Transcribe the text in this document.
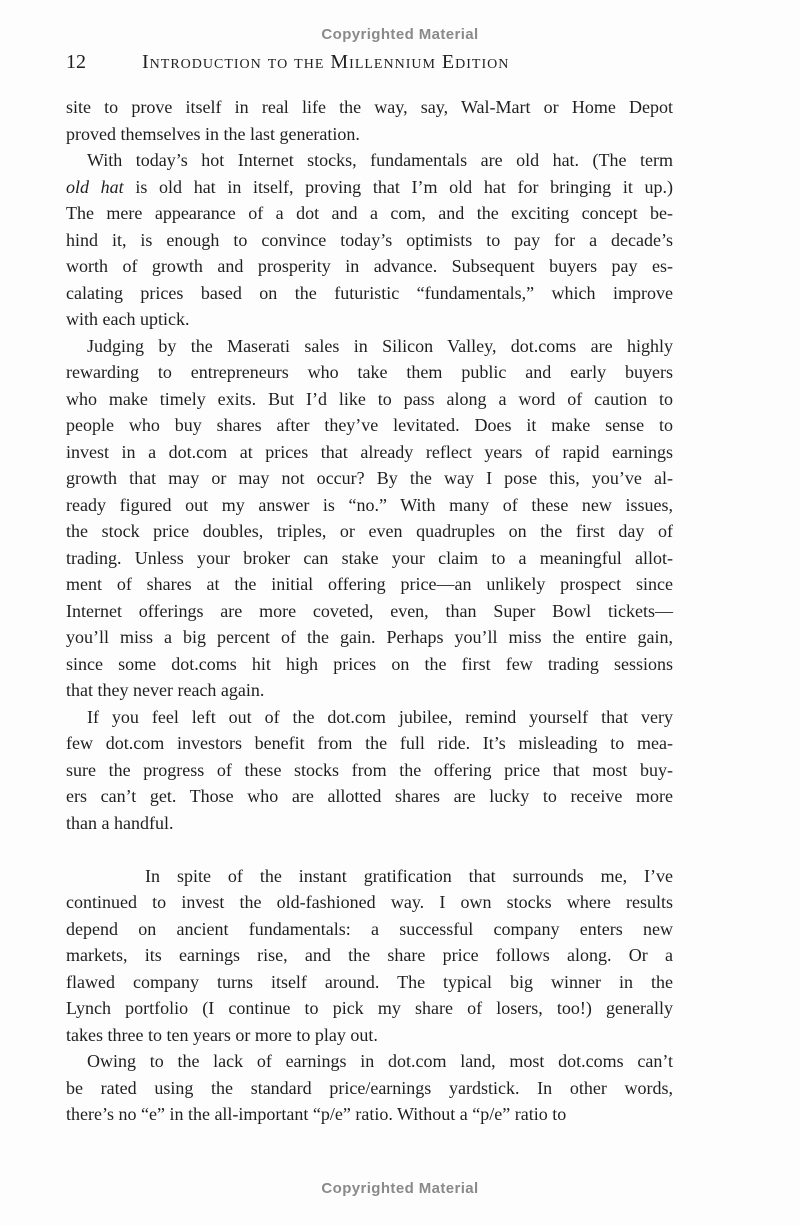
Copyrighted Material
12	Introduction to the Millennium Edition

site to prove itself in real life the way, say, Wal-Mart or Home Depot
proved themselves in the last generation.

With today’s hot Internet stocks, fundamentals are old hat. (The term
old hat is old hat in itself, proving that I’m old hat for bringing it up.)
The mere appearance of a dot and a com, and the exciting concept be-
hind it, is enough to convince today’s optimists to pay for a decade’s
worth of growth and prosperity in advance. Subsequent buyers pay es-
calating prices based on the futuristic “fundamentals,” which improve
with each uptick.

Judging by the Maserati sales in Silicon Valley, dot.coms are highly
rewarding to entrepreneurs who take them public and early buyers
who make timely exits. But I’d like to pass along a word of caution to
people who buy shares after they’ve levitated. Does it make sense to
invest in a dot.com at prices that already reflect years of rapid earnings
growth that may or may not occur? By the way I pose this, you’ve al-
ready figured out my answer is “no.” With many of these new issues,
the stock price doubles, triples, or even quadruples on the first day of
trading. Unless your broker can stake your claim to a meaningful allot-
ment of shares at the initial offering price—an unlikely prospect since
Internet offerings are more coveted, even, than Super Bowl tickets—
you’ll miss a big percent of the gain. Perhaps you’ll miss the entire gain,
since some dot.coms hit high prices on the first few trading sessions
that they never reach again.

If you feel left out of the dot.com jubilee, remind yourself that very
few dot.com investors benefit from the full ride. It’s misleading to mea-
sure the progress of these stocks from the offering price that most buy-
ers can’t get. Those who are allotted shares are lucky to receive more
than a handful.

In spite of the instant gratification that surrounds me, I’ve
continued to invest the old-fashioned way. I own stocks where results
depend on ancient fundamentals: a successful company enters new
markets, its earnings rise, and the share price follows along. Or a
flawed company turns itself around. The typical big winner in the
Lynch portfolio (I continue to pick my share of losers, too!) generally
takes three to ten years or more to play out.

Owing to the lack of earnings in dot.com land, most dot.coms can’t
be rated using the standard price/earnings yardstick. In other words,
there’s no “e” in the all-important “p/e” ratio. Without a “p/e” ratio to

Copyrighted Material
